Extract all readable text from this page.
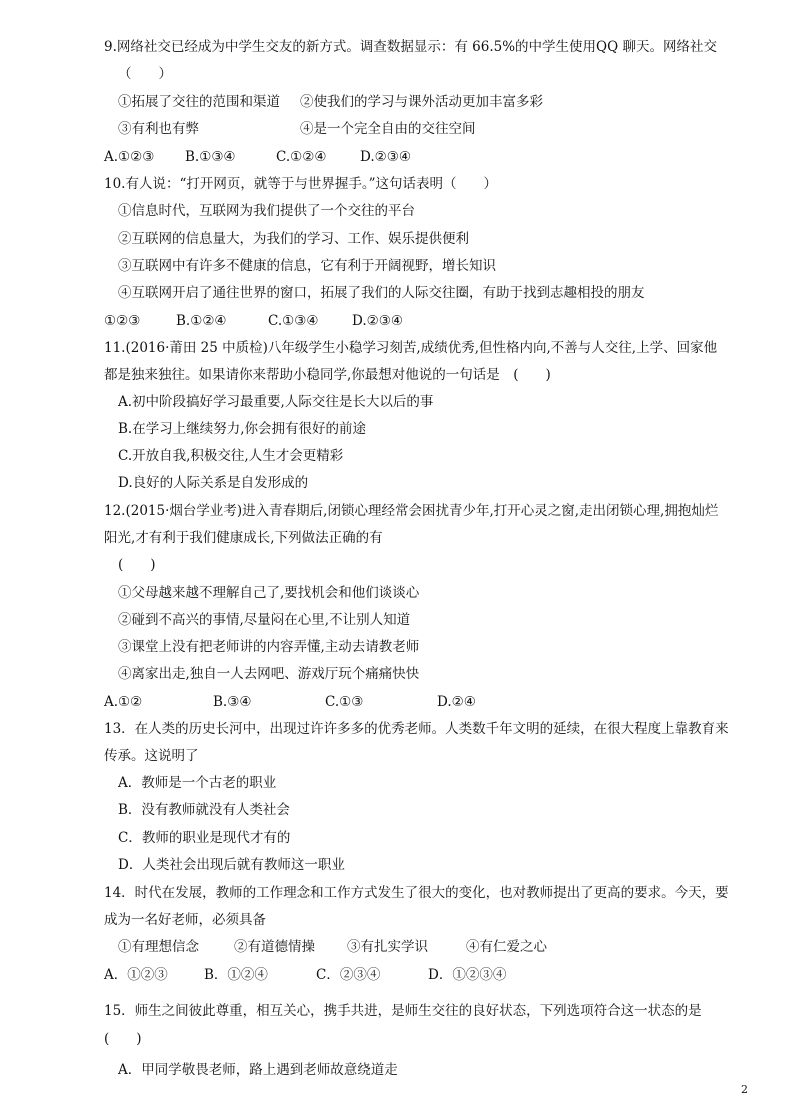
9.网络社交已经成为中学生交友的新方式。调查数据显示：有 66.5%的中学生使用QQ 聊天。网络社交
（　　）
①拓展了交往的范围和渠道 ②使我们的学习与课外活动更加丰富多彩
③有利也有弊	④是一个完全自由的交往空间
A.①②③ B.①③④	C.①②④ D.②③④
10.有人说：“打开网页，就等于与世界握手。”这句话表明（　　）
①信息时代，互联网为我们提供了一个交往的平台
②互联网的信息量大，为我们的学习、工作、娱乐提供便利
③互联网中有许多不健康的信息，它有利于开阔视野，增长知识
④互联网开启了通往世界的窗口，拓展了我们的人际交往圈，有助于找到志趣相投的朋友
①②③	B.①②④	C.①③④ D.②③④
11.(2016·莆田 25 中质检)八年级学生小稳学习刻苦,成绩优秀,但性格内向,不善与人交往,上学、回家他
都是独来独往。如果请你来帮助小稳同学,你最想对他说的一句话是　(　　)
A.初中阶段搞好学习最重要,人际交往是长大以后的事
B.在学习上继续努力,你会拥有很好的前途
C.开放自我,积极交往,人生才会更精彩
D.良好的人际关系是自发形成的
12.(2015·烟台学业考)进入青春期后,闭锁心理经常会困扰青少年,打开心灵之窗,走出闭锁心理,拥抱灿烂
阳光,才有利于我们健康成长,下列做法正确的有
(　　)
①父母越来越不理解自己了,要找机会和他们谈谈心
②碰到不高兴的事情,尽量闷在心里,不让别人知道
③课堂上没有把老师讲的内容弄懂,主动去请教老师
④离家出走,独自一人去网吧、游戏厅玩个痛痛快快
A.①②	B.③④	C.①③	D.②④
13．在人类的历史长河中，出现过许许多多的优秀老师。人类数千年文明的延续，在很大程度上靠教育来
传承。这说明了
A．教师是一个古老的职业
B．没有教师就没有人类社会
C．教师的职业是现代才有的
D．人类社会出现后就有教师这一职业
14．时代在发展，教师的工作理念和工作方式发生了很大的变化，也对教师提出了更高的要求。今天，要
成为一名好老师，必须具备
①有理想信念	②有道德情操 ③有扎实学识	④有仁爱之心
A．①②③	B．①②④	C．②③④	D．①②③④
15．师生之间彼此尊重，相互关心，携手共进，是师生交往的良好状态，下列选项符合这一状态的是
(　　)
A．甲同学敬畏老师，路上遇到老师故意绕道走
2
